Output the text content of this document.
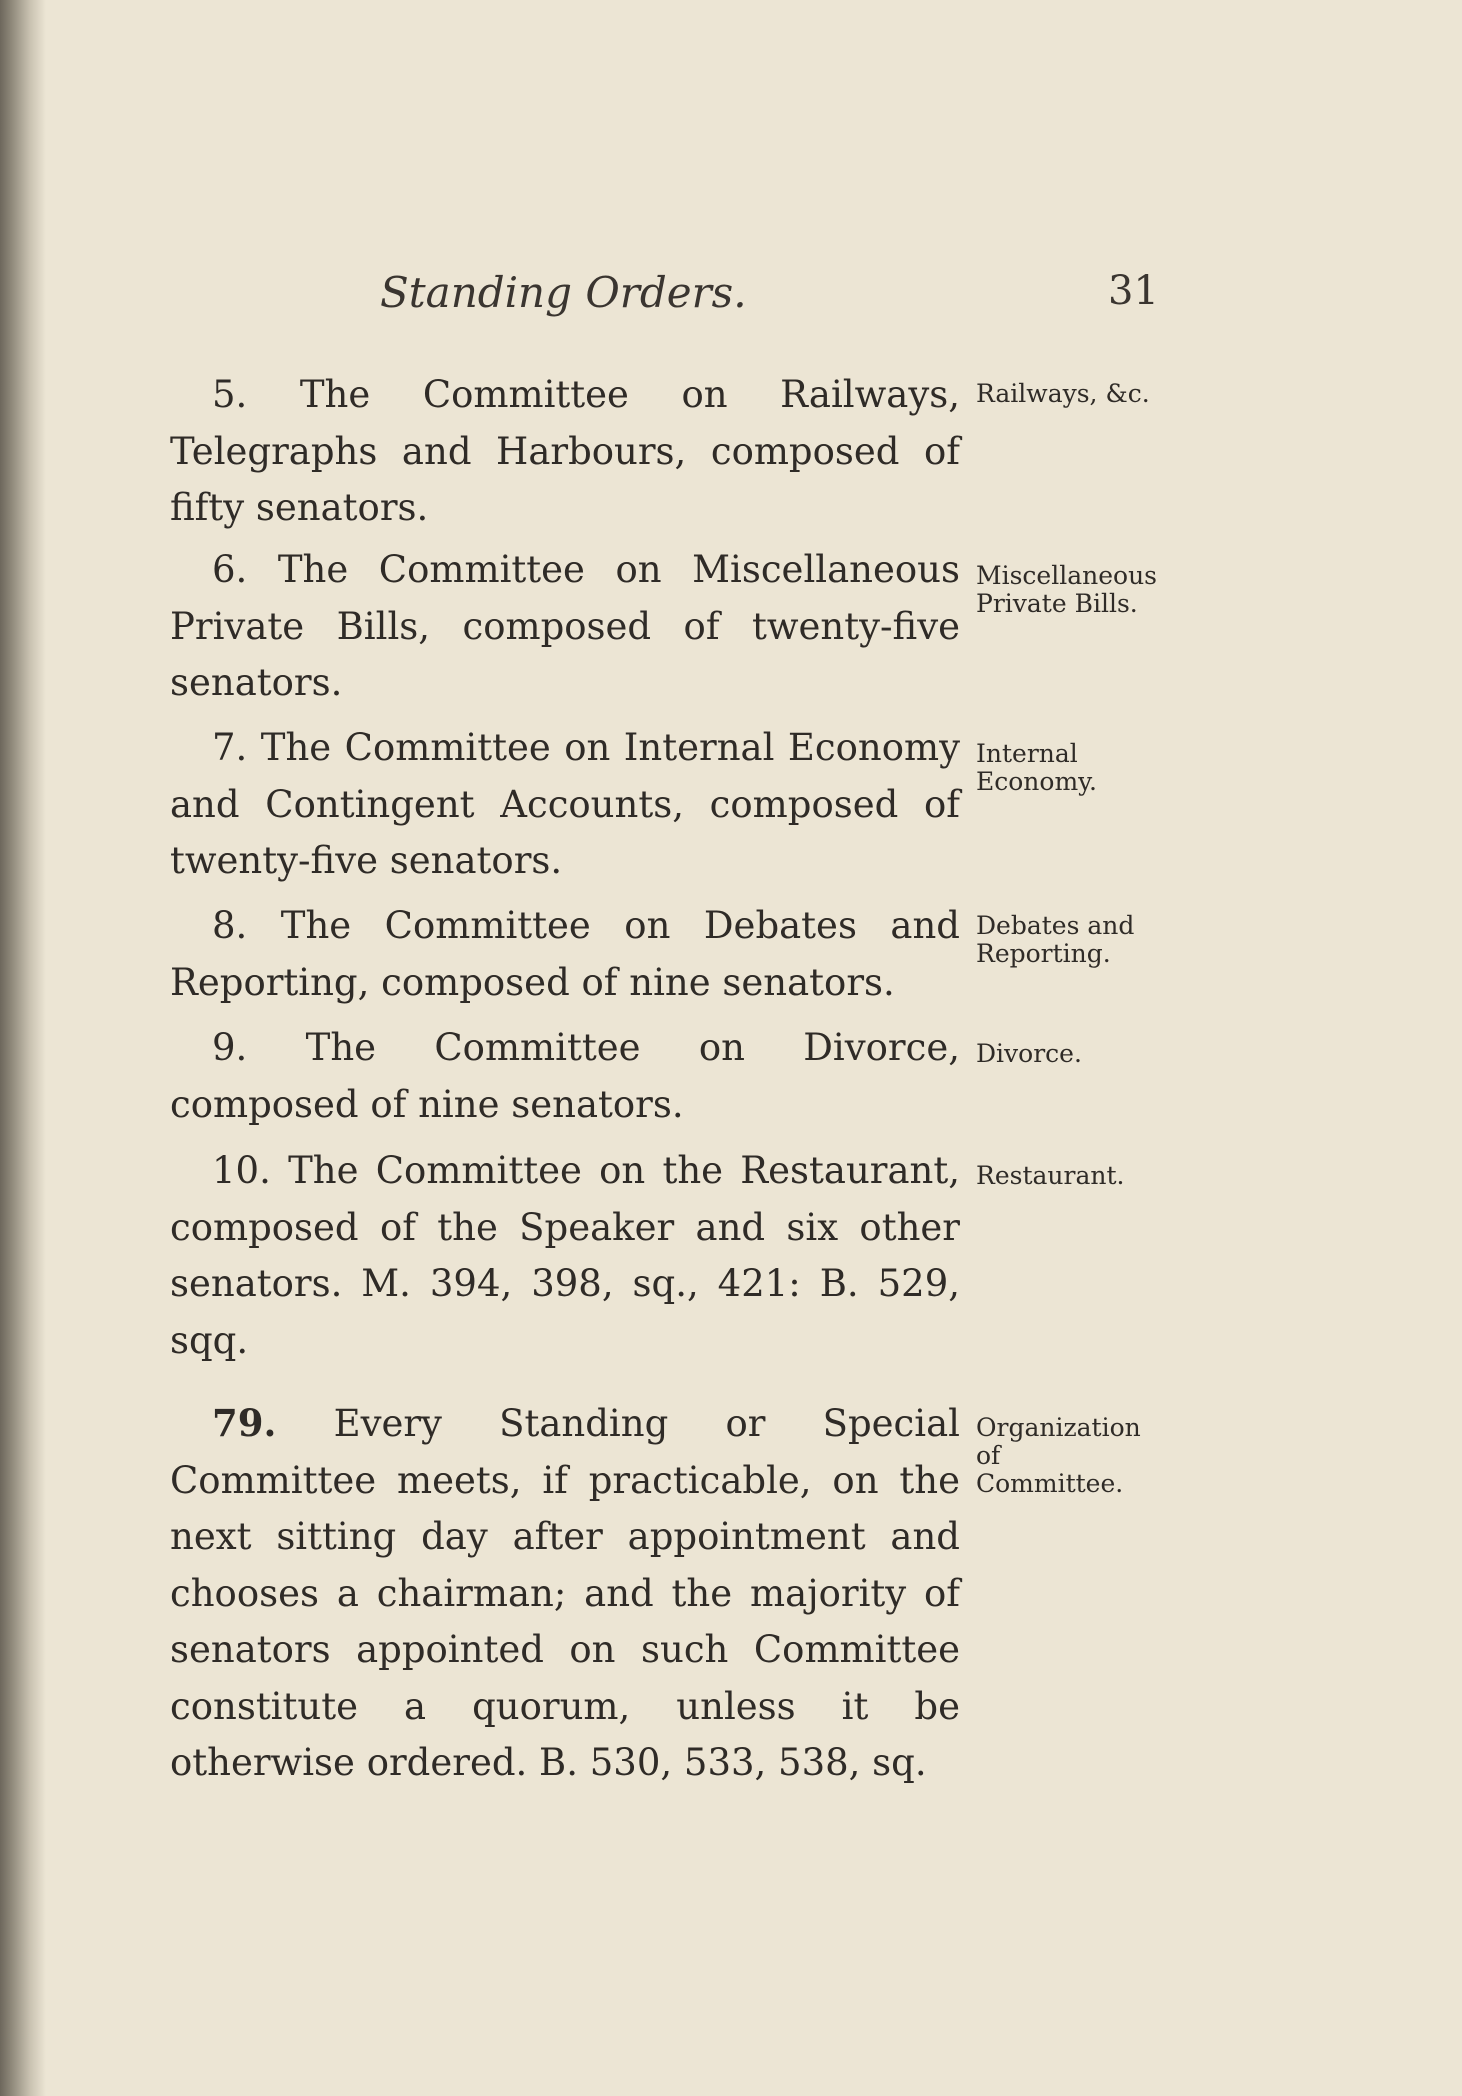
Standing Orders.	31
5. The Committee on Railways, Telegraphs and Harbours, composed of fifty senators.
Railways, &c.
6. The Committee on Miscellaneous Private Bills, composed of twenty-five senators.
Miscellaneous Private Bills.
7. The Committee on Internal Economy and Contingent Accounts, composed of twenty-five senators.
Internal Economy.
8. The Committee on Debates and Reporting, composed of nine senators.
Debates and Reporting.
9. The Committee on Divorce, composed of nine senators.
Divorce.
10. The Committee on the Restaurant, composed of the Speaker and six other senators. M. 394, 398, sq., 421: B. 529, sqq.
Restaurant.
79. Every Standing or Special Committee meets, if practicable, on the next sitting day after appointment and chooses a chairman; and the majority of senators appointed on such Committee constitute a quorum, unless it be otherwise ordered. B. 530, 533, 538, sq.
Organization of Committee.
